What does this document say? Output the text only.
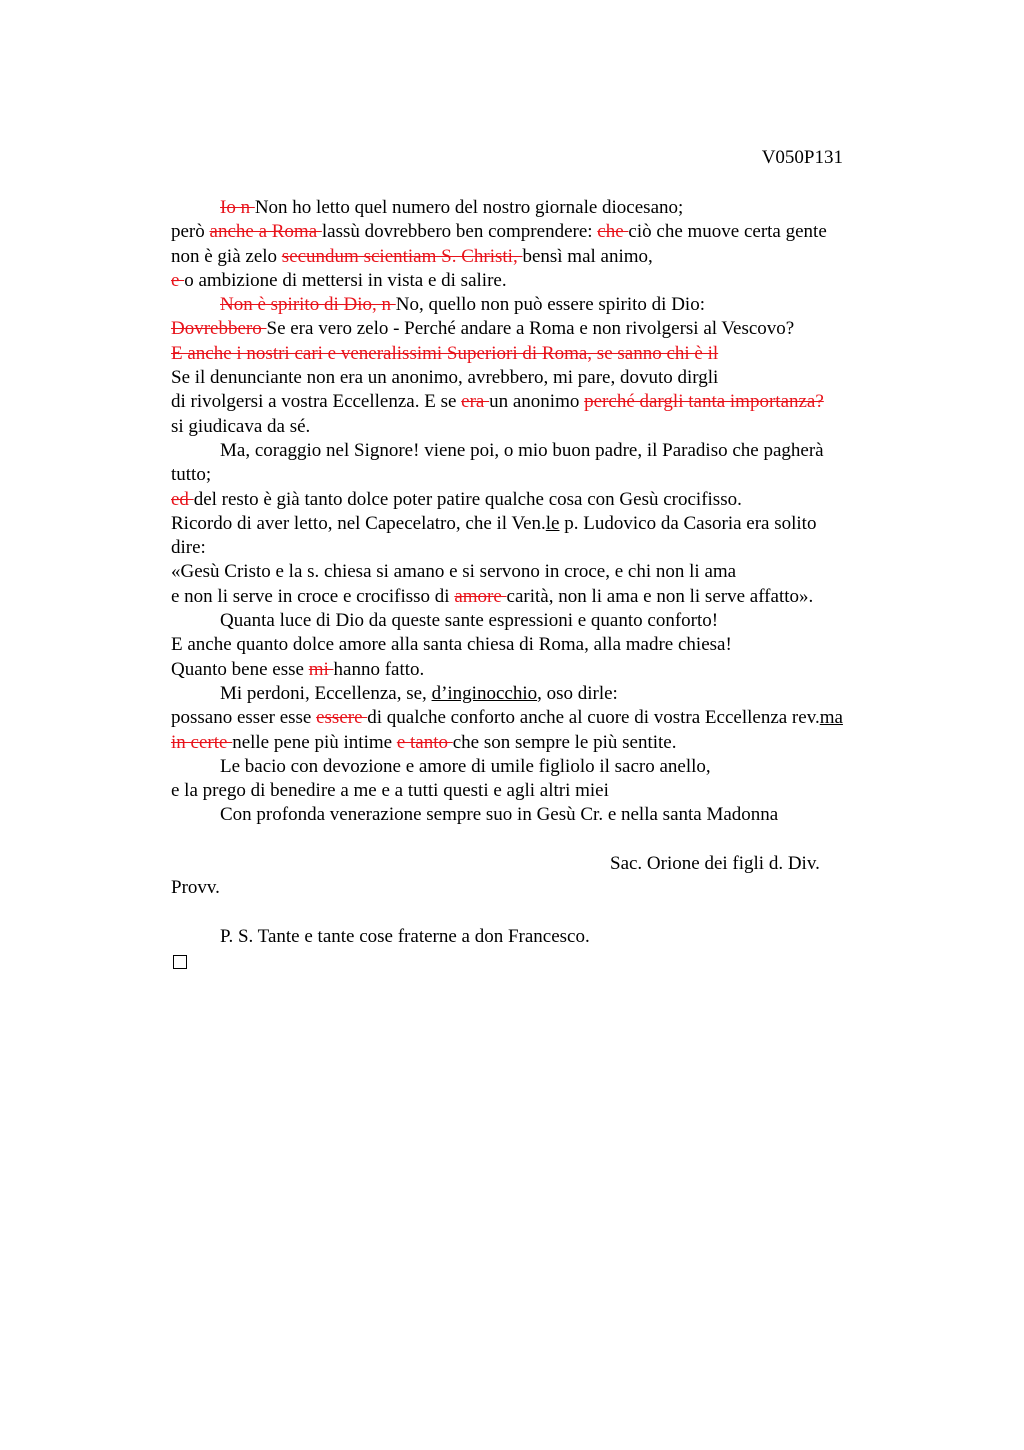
V050P131
Io n Non ho letto quel numero del nostro giornale diocesano;
però anche a Roma lassù dovrebbero ben comprendere: che ciò che muove certa gente
non è già zelo secundum scientiam S. Christi, bensì mal animo,
e o ambizione di mettersi in vista e di salire.
Non è spirito di Dio, n No, quello non può essere spirito di Dio:
Dovrebbero Se era vero zelo - Perché andare a Roma e non rivolgersi al Vescovo?
E anche i nostri cari e veneralissimi Superiori di Roma, se sanno chi è il
Se il denunciante non era un anonimo, avrebbero, mi pare, dovuto dirgli
di rivolgersi a vostra Eccellenza. E se era un anonimo perché dargli tanta importanza?
si giudicava da sé.
Ma, coraggio nel Signore! viene poi, o mio buon padre, il Paradiso che pagherà
tutto;
ed del resto è già tanto dolce poter patire qualche cosa con Gesù crocifisso.
Ricordo di aver letto, nel Capecelatro, che il Ven.le p. Ludovico da Casoria era solito
dire:
«Gesù Cristo e la s. chiesa si amano e si servono in croce, e chi non li ama
e non li serve in croce e crocifisso di amore carità, non li ama e non li serve affatto».
Quanta luce di Dio da queste sante espressioni e quanto conforto!
E anche quanto dolce amore alla santa chiesa di Roma, alla madre chiesa!
Quanto bene esse mi hanno fatto.
Mi perdoni, Eccellenza, se, d’inginocchio, oso dirle:
possano esser esse essere di qualche conforto anche al cuore di vostra Eccellenza rev.ma
in certe nelle pene più intime e tanto che son sempre le più sentite.
Le bacio con devozione e amore di umile figliolo il sacro anello,
e la prego di benedire a me e a tutti questi e agli altri miei
Con profonda venerazione sempre suo in Gesù Cr. e nella santa Madonna
Sac. Orione dei figli d. Div.
Provv.
P. S. Tante e tante cose fraterne a don Francesco.
